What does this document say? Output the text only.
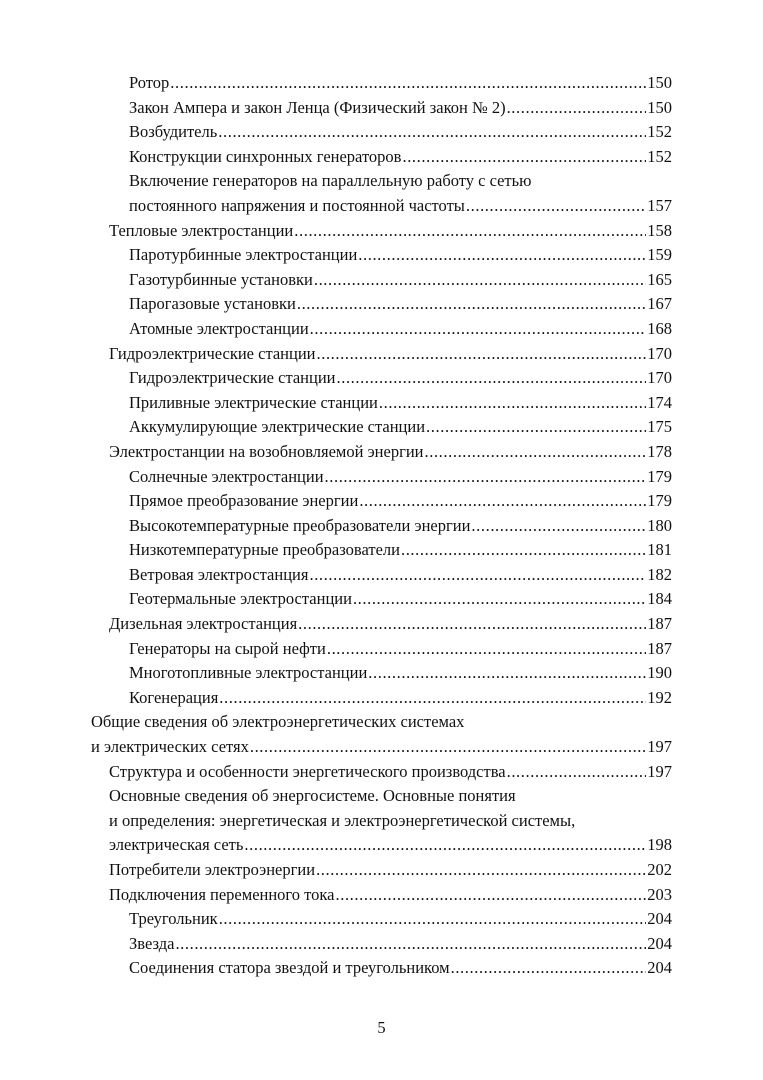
Ротор .....	150
Закон Ампера и закон Ленца (Физический закон № 2) .....	150
Возбудитель .....	152
Конструкции синхронных генераторов .....	152
Включение генераторов на параллельную работу с сетью
постоянного напряжения и постоянной частоты .....	157
Тепловые электростанции .....	158
Паротурбинные электростанции .....	159
Газотурбинные установки .....	165
Парогазовые установки .....	167
Атомные электростанции .....	168
Гидроэлектрические станции .....	170
Гидроэлектрические станции .....	170
Приливные электрические станции .....	174
Аккумулирующие электрические станции .....	175
Электростанции на возобновляемой энергии .....	178
Солнечные электростанции .....	179
Прямое преобразование энергии .....	179
Высокотемпературные преобразователи энергии .....	180
Низкотемпературные преобразователи .....	181
Ветровая электростанция .....	182
Геотермальные электростанции .....	184
Дизельная электростанция .....	187
Генераторы на сырой нефти .....	187
Многотопливные электростанции .....	190
Когенерация .....	192
Общие сведения об электроэнергетических системах
и электрических сетях .....	197
Структура и особенности энергетического производства .....	197
Основные сведения об энергосистеме. Основные понятия
и определения: энергетическая и электроэнергетической системы,
электрическая сеть .....	198
Потребители электроэнергии .....	202
Подключения переменного тока .....	203
Треугольник .....	204
Звезда .....	204
Соединения статора звездой и треугольником .....	204
5
